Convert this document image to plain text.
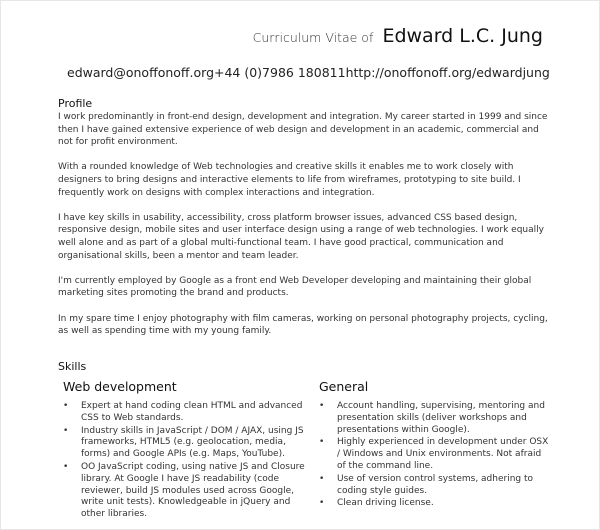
Curriculum Vitae of Edward L.C. Jung
edward@onoffonoff.org +44 (0)7986 180811 http://onoffonoff.org/edwardjung
Profile

I work predominantly in front-end design, development and integration. My career started in 1999 and since then I have gained extensive experience of web design and development in an academic, commercial and not for profit environment.

With a rounded knowledge of Web technologies and creative skills it enables me to work closely with designers to bring designs and interactive elements to life from wireframes, prototyping to site build. I frequently work on designs with complex interactions and integration.

I have key skills in usability, accessibility, cross platform browser issues, advanced CSS based design, responsive design, mobile sites and user interface design using a range of web technologies. I work equally well alone and as part of a global multi-functional team. I have good practical, communication and organisational skills, been a mentor and team leader.

I'm currently employed by Google as a front end Web Developer developing and maintaining their global marketing sites promoting the brand and products.

In my spare time I enjoy photography with film cameras, working on personal photography projects, cycling, as well as spending time with my young family.

Skills
Web development
• Expert at hand coding clean HTML and advanced CSS to Web standards.
• Industry skills in JavaScript / DOM / AJAX, using JS frameworks, HTML5 (e.g. geolocation, media, forms) and Google APIs (e.g. Maps, YouTube).
• OO JavaScript coding, using native JS and Closure library. At Google I have JS readability (code reviewer, build JS modules used across Google, write unit tests). Knowledgeable in jQuery and other libraries.
General
• Account handling, supervising, mentoring and presentation skills (deliver workshops and presentations within Google).
• Highly experienced in development under OSX / Windows and Unix environments. Not afraid of the command line.
• Use of version control systems, adhering to coding style guides.
• Clean driving license.
